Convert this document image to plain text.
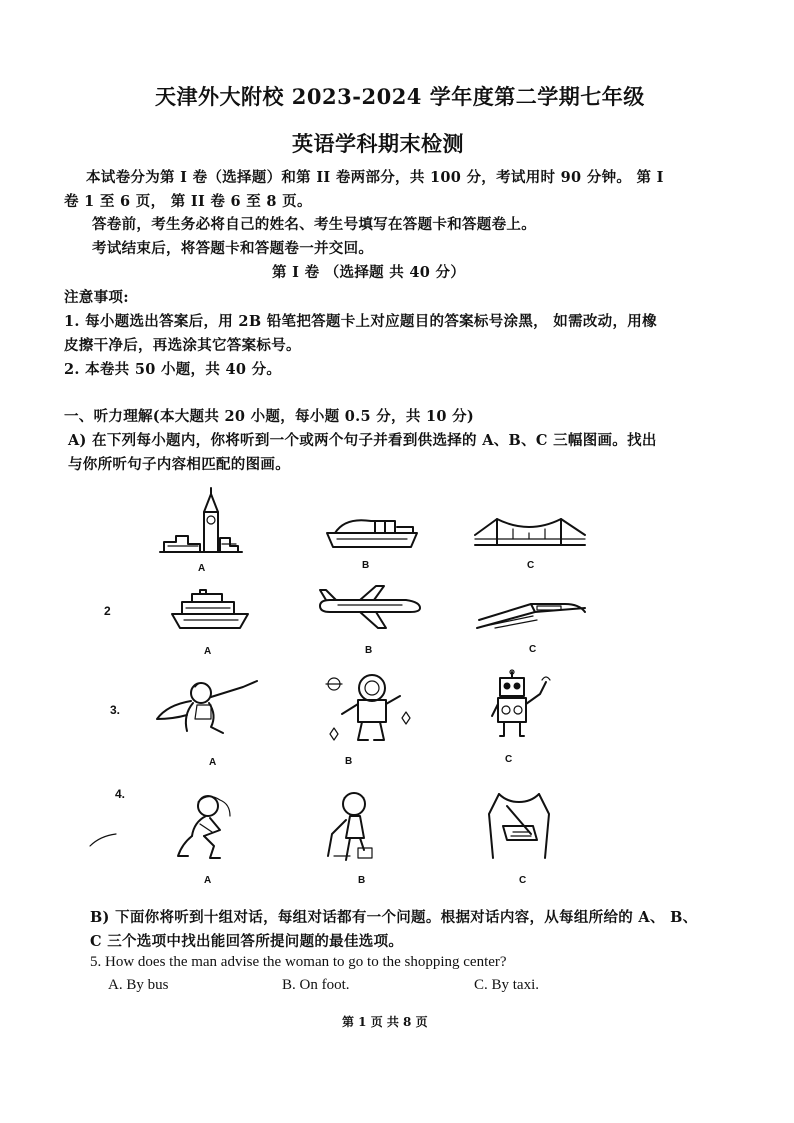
天津外大附校 2023-2024 学年度第二学期七年级
英语学科期末检测
本试卷分为第 I 卷（选择题）和第 II 卷两部分，共 100 分，考试用时 90 分钟。 第 I
卷 1 至 6 页， 第 II 卷 6 至 8 页。
答卷前，考生务必将自己的姓名、考生号填写在答题卡和答题卷上。
考试结束后，将答题卡和答题卷一并交回。
第 I 卷 （选择题 共 40 分）
注意事项:
1. 每小题选出答案后，用 2B 铅笔把答题卡上对应题目的答案标号涂黑， 如需改动，用橡
皮擦干净后，再选涂其它答案标号。
2. 本卷共 50 小题，共 40 分。
一、听力理解(本大题共 20 小题，每小题 0.5 分，共 10 分)
A) 在下列每小题内，你将听到一个或两个句子并看到供选择的 A、B、C 三幅图画。找出
与你所听句子内容相匹配的图画。
A	B	C
2
A	B	C
3.
A	B	C
4.
A	B	C
B) 下面你将听到十组对话，每组对话都有一个问题。根据对话内容，从每组所给的 A、 B、
C 三个选项中找出能回答所提问题的最佳选项。
5. How does the man advise the woman to go to the shopping center?
A. By bus	B. On foot.	C. By taxi.
第 1 页 共 8 页
